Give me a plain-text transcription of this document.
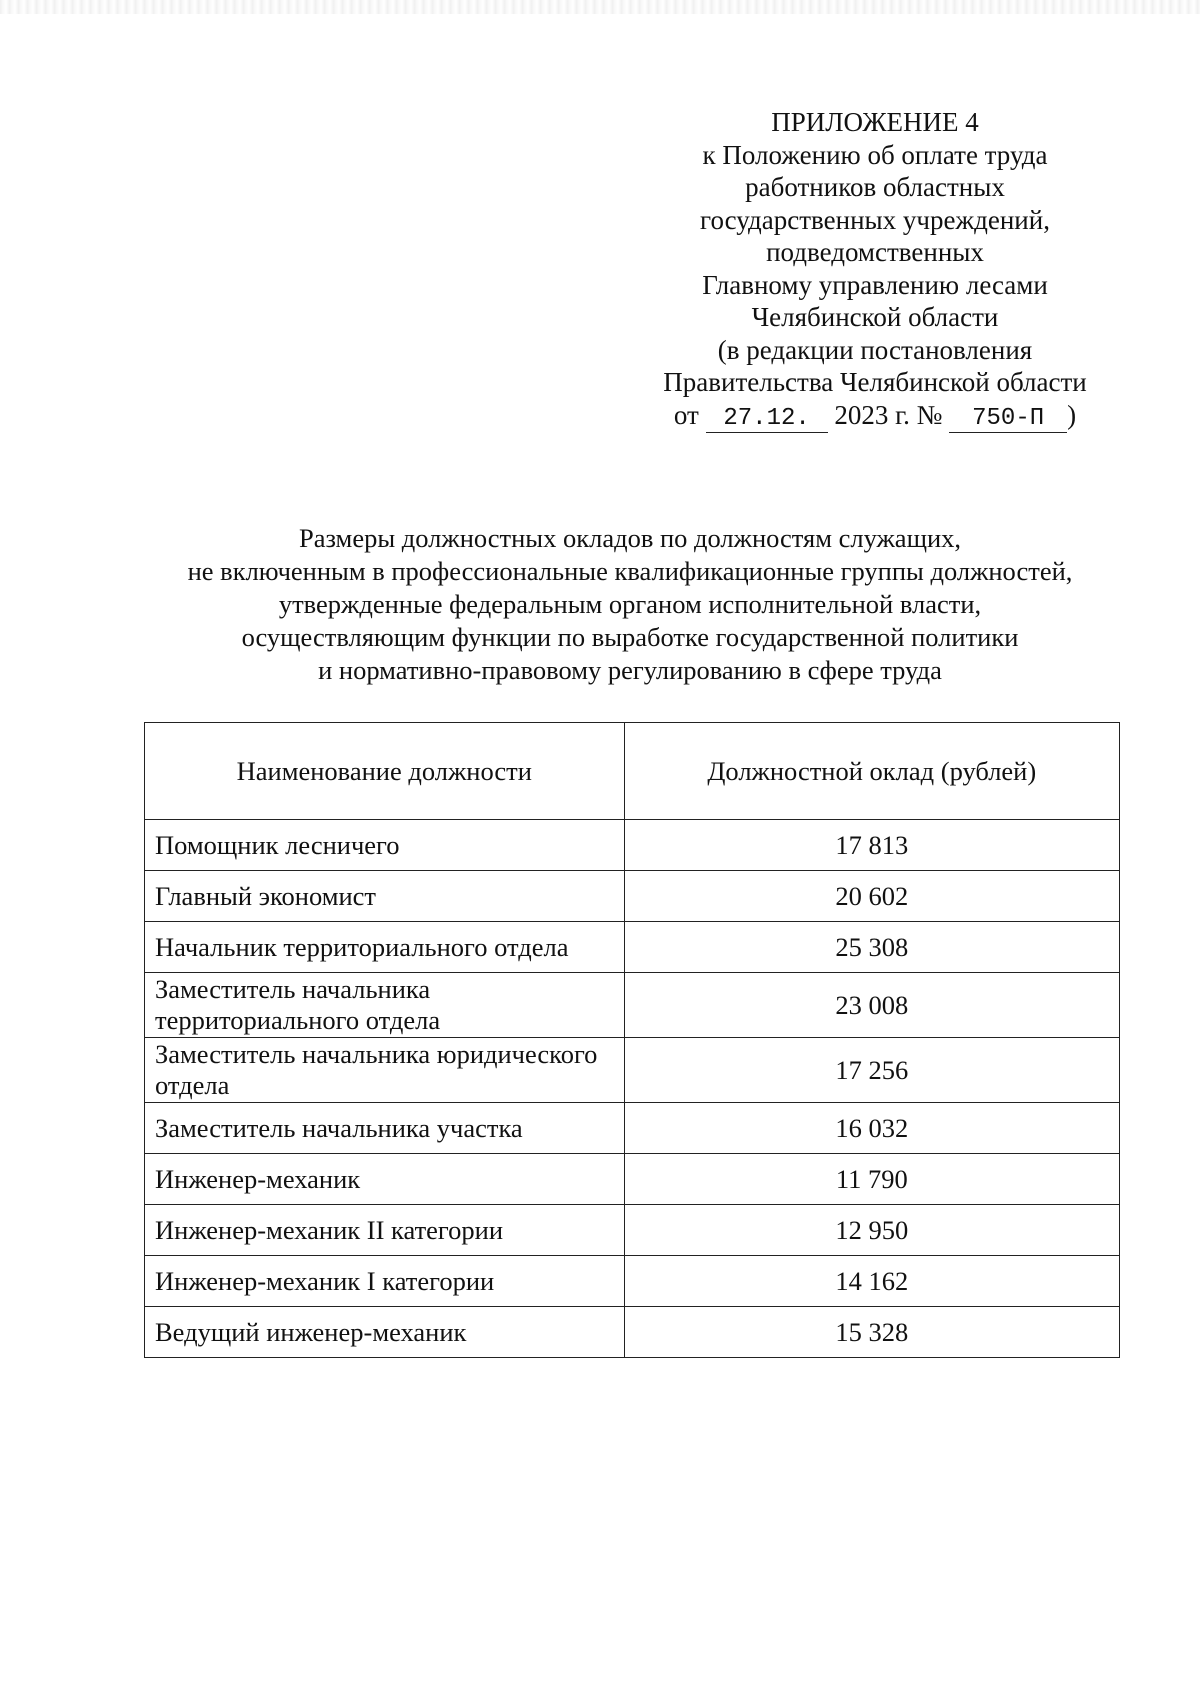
ПРИЛОЖЕНИЕ 4
к Положению об оплате труда
работников областных
государственных учреждений,
подведомственных
Главному управлению лесами
Челябинской области
(в редакции постановления
Правительства Челябинской области
от 27.12. 2023 г. № 750-П )
Размеры должностных окладов по должностям служащих,
не включенным в профессиональные квалификационные группы должностей,
утвержденные федеральным органом исполнительной власти,
осуществляющим функции по выработке государственной политики
и нормативно-правовому регулированию в сфере труда
Наименование должности	Должностной оклад (рублей)
Помощник лесничего	17 813
Главный экономист	20 602
Начальник территориального отдела	25 308
Заместитель начальника территориального отдела	23 008
Заместитель начальника юридического отдела	17 256
Заместитель начальника участка	16 032
Инженер-механик	11 790
Инженер-механик II категории	12 950
Инженер-механик I категории	14 162
Ведущий инженер-механик	15 328
